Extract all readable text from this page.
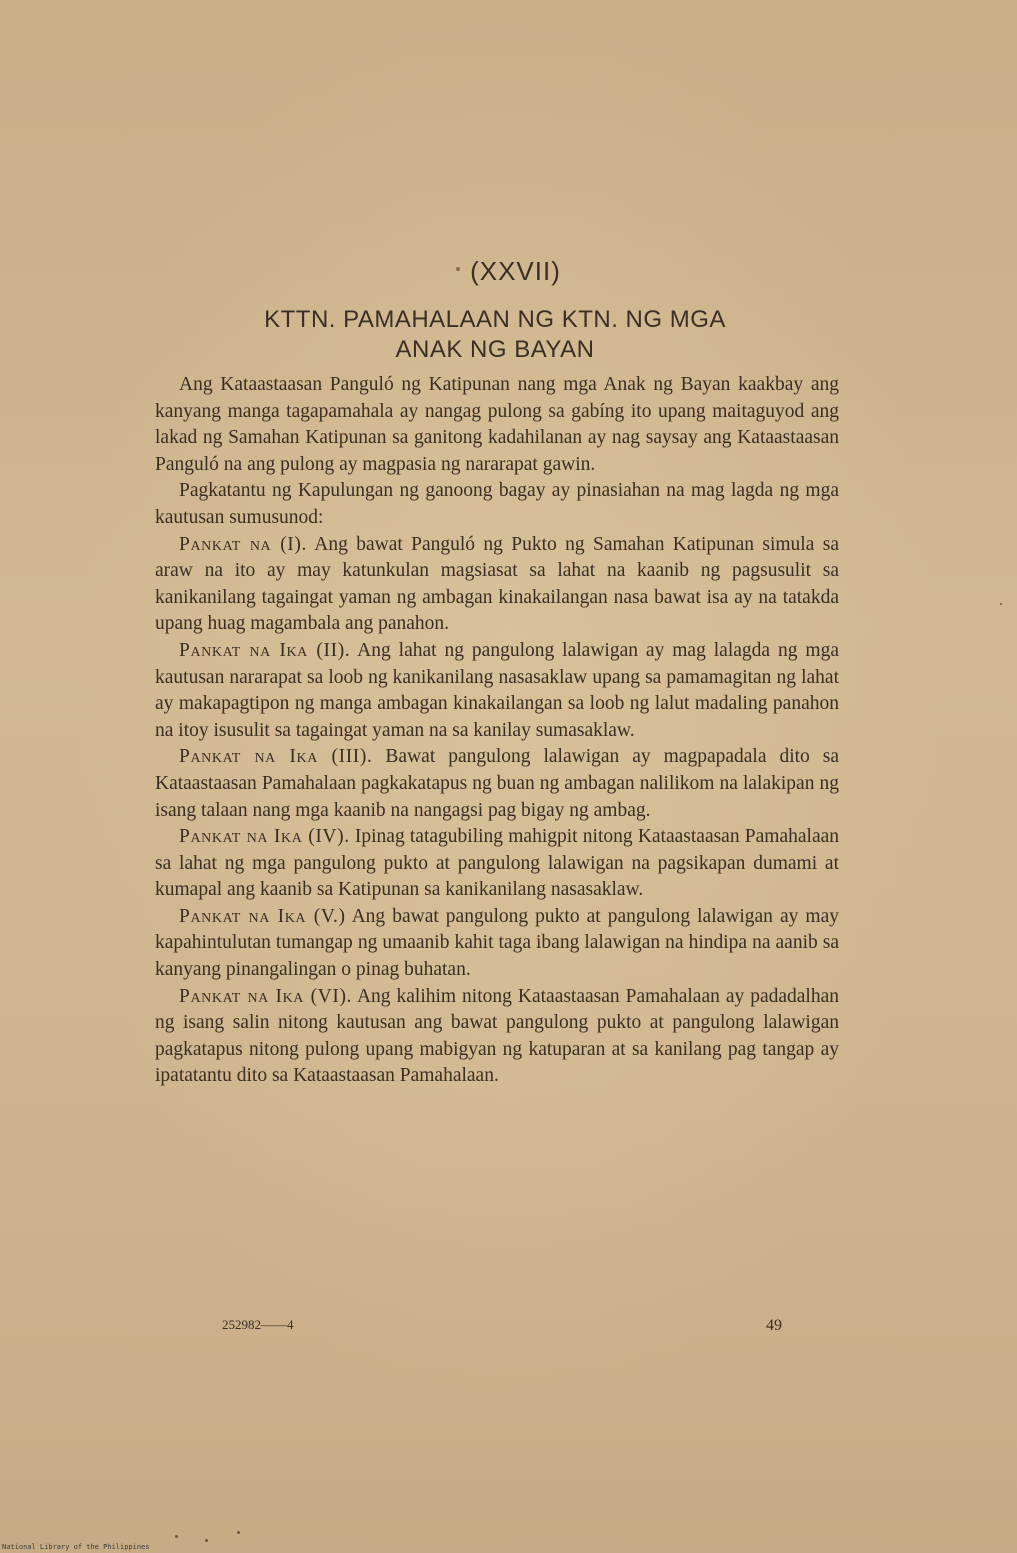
(XXVII)
KTTN. PAMAHALAAN NG KTN. NG MGA
ANAK NG BAYAN

Ang Kataastaasan Panguló ng Katipunan nang mga Anak ng Bayan kaakbay ang kanyang manga tagapamahala ay nangag pulong sa gabíng ito upang maitaguyod ang lakad ng Samahan Katipunan sa ganitong kadahilanan ay nag saysay ang Kataastaasan Panguló na ang pulong ay magpasia ng nararapat gawin.

Pagkatantu ng Kapulungan ng ganoong bagay ay pinasiahan na mag lagda ng mga kautusan sumusunod:

Pankat na (I). Ang bawat Panguló ng Pukto ng Samahan Katipunan simula sa araw na ito ay may katunkulan magsiasat sa lahat na kaanib ng pagsusulit sa kanikanilang tagaingat yaman ng ambagan kinakailangan nasa bawat isa ay na tatakda upang huag magambala ang panahon.

Pankat na Ika (II). Ang lahat ng pangulong lalawigan ay mag lalagda ng mga kautusan nararapat sa loob ng kanikanilang nasasaklaw upang sa pamamagitan ng lahat ay makapagtipon ng manga ambagan kinakailangan sa loob ng lalut madaling panahon na itoy isusulit sa tagaingat yaman na sa kanilay sumasaklaw.

Pankat na Ika (III). Bawat pangulong lalawigan ay magpapadala dito sa Kataastaasan Pamahalaan pagkakatapus ng buan ng ambagan nalilikom na lalakipan ng isang talaan nang mga kaanib na nangagsi pag bigay ng ambag.

Pankat na Ika (IV). Ipinag tatagubiling mahigpit nitong Kataastaasan Pamahalaan sa lahat ng mga pangulong pukto at pangulong lalawigan na pagsikapan dumami at kumapal ang kaanib sa Katipunan sa kanikanilang nasasaklaw.

Pankat na Ika (V.) Ang bawat pangulong pukto at pangulong lalawigan ay may kapahintulutan tumangap ng umaanib kahit taga ibang lalawigan na hindipa na aanib sa kanyang pinangalingan o pinag buhatan.

Pankat na Ika (VI). Ang kalihim nitong Kataastaasan Pamahalaan ay padadalhan ng isang salin nitong kautusan ang bawat pangulong pukto at pangulong lalawigan pagkatapus nitong pulong upang mabigyan ng katuparan at sa kanilang pag tangap ay ipatatantu dito sa Kataastaasan Pamahalaan.

252982——4	49
National Library of the Philippines
